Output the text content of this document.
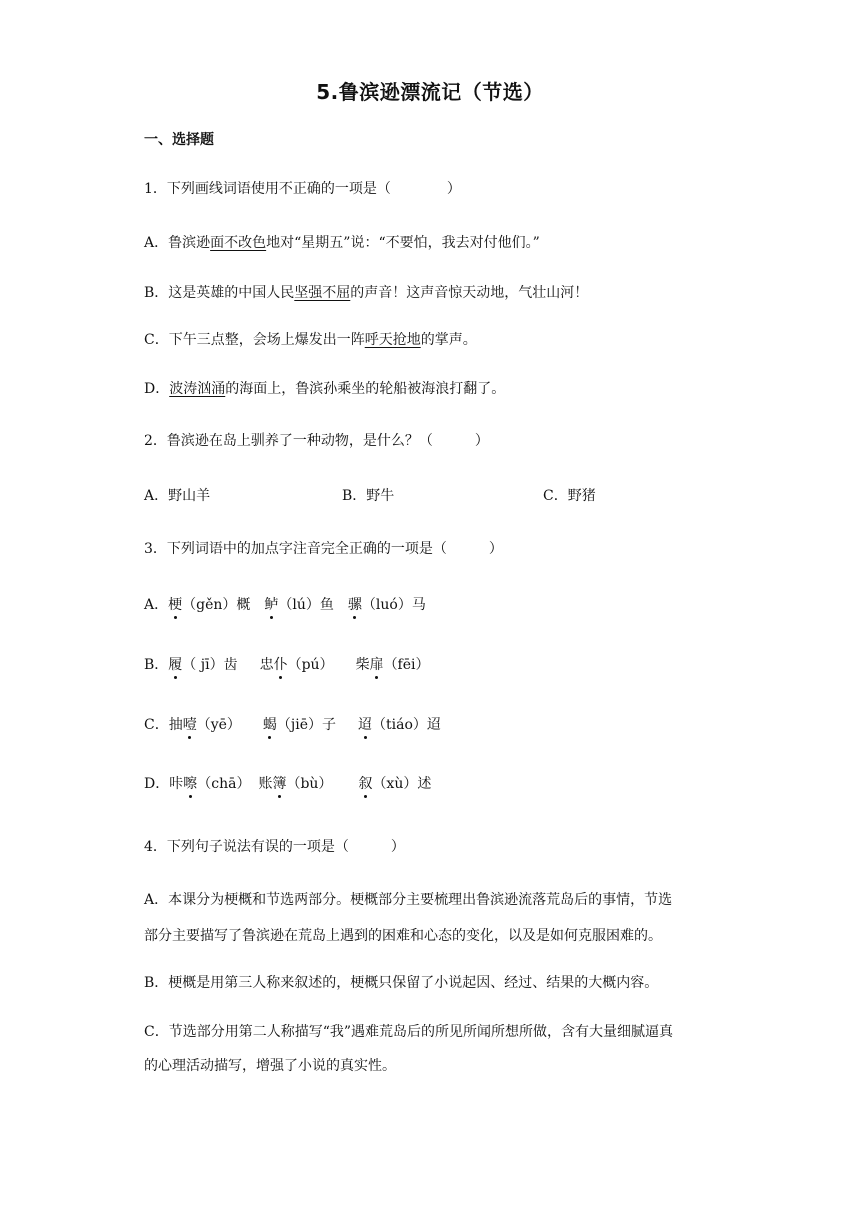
5.鲁滨逊漂流记（节选）
一、选择题
1．下列画线词语使用不正确的一项是（　　　　）
A．鲁滨逊面不改色地对“星期五”说：“不要怕，我去对付他们。”
B．这是英雄的中国人民坚强不屈的声音！这声音惊天动地，气壮山河！
C．下午三点整，会场上爆发出一阵呼天抢地的掌声。
D．波涛汹涌的海面上，鲁滨孙乘坐的轮船被海浪打翻了。
2．鲁滨逊在岛上驯养了一种动物，是什么？（　　　）
A．野山羊	B．野牛	C．野猪
3．下列词语中的加点字注音完全正确的一项是（　　　）
A．梗（gěn）概 鲈（lú）鱼 骡（luó）马
B．履（ jī）齿 忠仆（pú） 柴扉（fēi）
C．抽噎（yē） 蝎（jiē）子 迢（tiáo）迢
D．咔嚓（chā） 账簿（bù） 叙（xù）述
4．下列句子说法有误的一项是（　　　）
A．本课分为梗概和节选两部分。梗概部分主要梳理出鲁滨逊流落荒岛后的事情，节选
部分主要描写了鲁滨逊在荒岛上遇到的困难和心态的变化，以及是如何克服困难的。
B．梗概是用第三人称来叙述的，梗概只保留了小说起因、经过、结果的大概内容。
C．节选部分用第二人称描写“我”遇难荒岛后的所见所闻所想所做，含有大量细腻逼真
的心理活动描写，增强了小说的真实性。
